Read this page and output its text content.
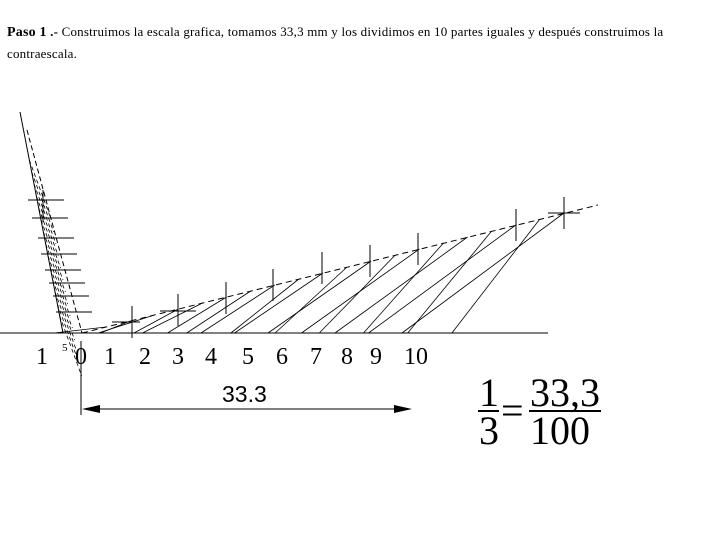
Paso 1 .- Construimos la escala grafica, tomamos 33,3 mm y los dividimos en 10 partes iguales y después construimos la contraescala.
1 0 1 2 3 4 5 6 7 8 9 10
5
33.3	1
3 = 33,3
100
